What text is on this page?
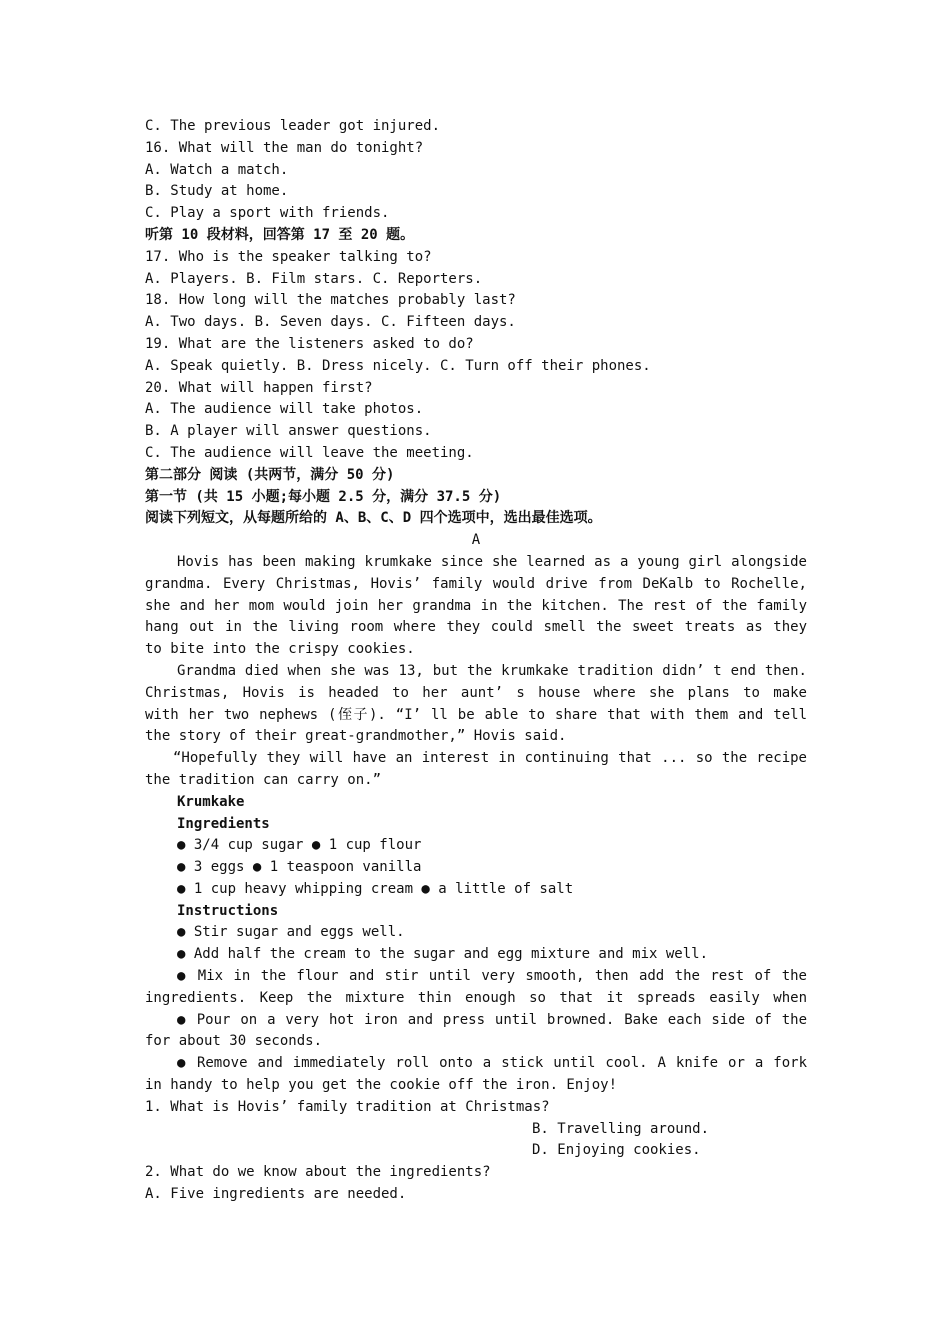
C. The previous leader got injured.
16. What will the man do tonight?
A. Watch a match.
B. Study at home.
C. Play a sport with friends.
听第 10 段材料，回答第 17 至 20 题。
17. Who is the speaker talking to?
A. Players. B. Film stars. C. Reporters.
18. How long will the matches probably last?
A. Two days. B. Seven days. C. Fifteen days.
19. What are the listeners asked to do?
A. Speak quietly. B. Dress nicely. C. Turn off their phones.
20. What will happen first?
A. The audience will take photos.
B. A player will answer questions.
C. The audience will leave the meeting.
第二部分 阅读 (共两节，满分 50 分)
第一节 (共 15 小题;每小题 2.5 分，满分 37.5 分)
阅读下列短文，从每题所给的 A、B、C、D 四个选项中，选出最佳选项。
A
Hovis has been making krumkake since she learned as a young girl alongside
grandma. Every Christmas, Hovis’ family would drive from DeKalb to Rochelle,
she and her mom would join her grandma in the kitchen. The rest of the family
hang out in the living room where they could smell the sweet treats as they
to bite into the crispy cookies.
Grandma died when she was 13, but the krumkake tradition didn’ t end then.
Christmas, Hovis is headed to her aunt’ s house where she plans to make
with her two nephews (侄子). “I’ ll be able to share that with them and tell
the story of their great-grandmother,” Hovis said.
“Hopefully they will have an interest in continuing that ... so the recipe
the tradition can carry on.”
Krumkake
Ingredients
● 3/4 cup sugar ● 1 cup flour
● 3 eggs ● 1 teaspoon vanilla
● 1 cup heavy whipping cream ● a little of salt
Instructions
● Stir sugar and eggs well.
● Add half the cream to the sugar and egg mixture and mix well.
● Mix in the flour and stir until very smooth, then add the rest of the
ingredients. Keep the mixture thin enough so that it spreads easily when
● Pour on a very hot iron and press until browned. Bake each side of the
for about 30 seconds.
● Remove and immediately roll onto a stick until cool. A knife or a fork
in handy to help you get the cookie off the iron. Enjoy!
1. What is Hovis’ family tradition at Christmas?

B. Travelling around.

D. Enjoying cookies.

2. What do we know about the ingredients?
A. Five ingredients are needed.
